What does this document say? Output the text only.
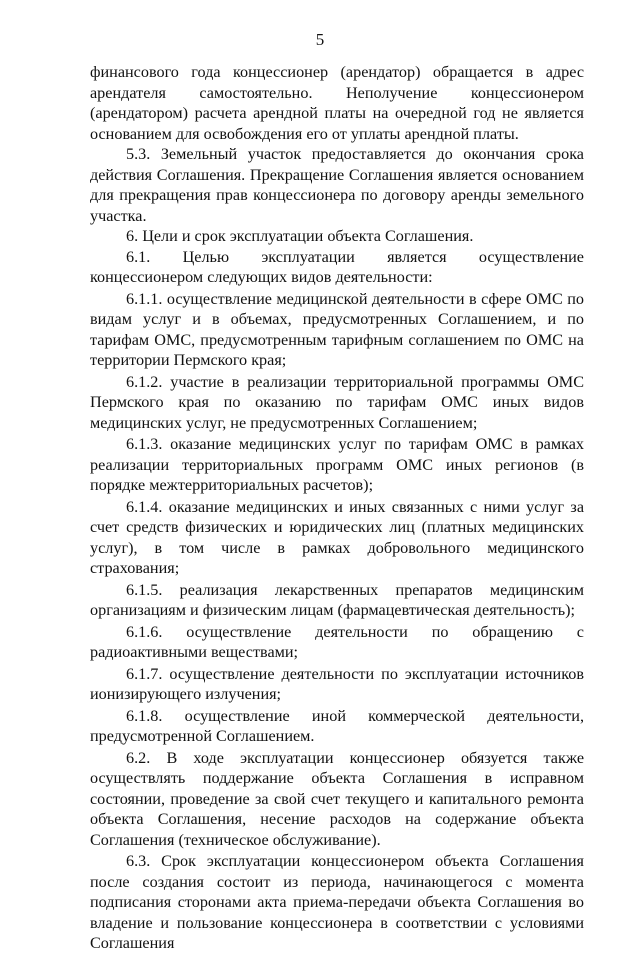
5

финансового года концессионер (арендатор) обращается в адрес арендателя самостоятельно. Неполучение концессионером (арендатором) расчета арендной платы на очередной год не является основанием для освобождения его от уплаты арендной платы.

5.3. Земельный участок предоставляется до окончания срока действия Соглашения. Прекращение Соглашения является основанием для прекращения прав концессионера по договору аренды земельного участка.

6. Цели и срок эксплуатации объекта Соглашения.

6.1. Целью эксплуатации является осуществление концессионером следующих видов деятельности:

6.1.1. осуществление медицинской деятельности в сфере ОМС по видам услуг и в объемах, предусмотренных Соглашением, и по тарифам ОМС, предусмотренным тарифным соглашением по ОМС на территории Пермского края;

6.1.2. участие в реализации территориальной программы ОМС Пермского края по оказанию по тарифам ОМС иных видов медицинских услуг, не предусмотренных Соглашением;

6.1.3. оказание медицинских услуг по тарифам ОМС в рамках реализации территориальных программ ОМС иных регионов (в порядке межтерриториальных расчетов);

6.1.4. оказание медицинских и иных связанных с ними услуг за счет средств физических и юридических лиц (платных медицинских услуг), в том числе в рамках добровольного медицинского страхования;

6.1.5. реализация лекарственных препаратов медицинским организациям и физическим лицам (фармацевтическая деятельность);

6.1.6. осуществление деятельности по обращению с радиоактивными веществами;

6.1.7. осуществление деятельности по эксплуатации источников ионизирующего излучения;

6.1.8. осуществление иной коммерческой деятельности, предусмотренной Соглашением.

6.2. В ходе эксплуатации концессионер обязуется также осуществлять поддержание объекта Соглашения в исправном состоянии, проведение за свой счет текущего и капитального ремонта объекта Соглашения, несение расходов на содержание объекта Соглашения (техническое обслуживание).

6.3. Срок эксплуатации концессионером объекта Соглашения после создания состоит из периода, начинающегося с момента подписания сторонами акта приема-передачи объекта Соглашения во владение и пользование концессионера в соответствии с условиями Соглашения
